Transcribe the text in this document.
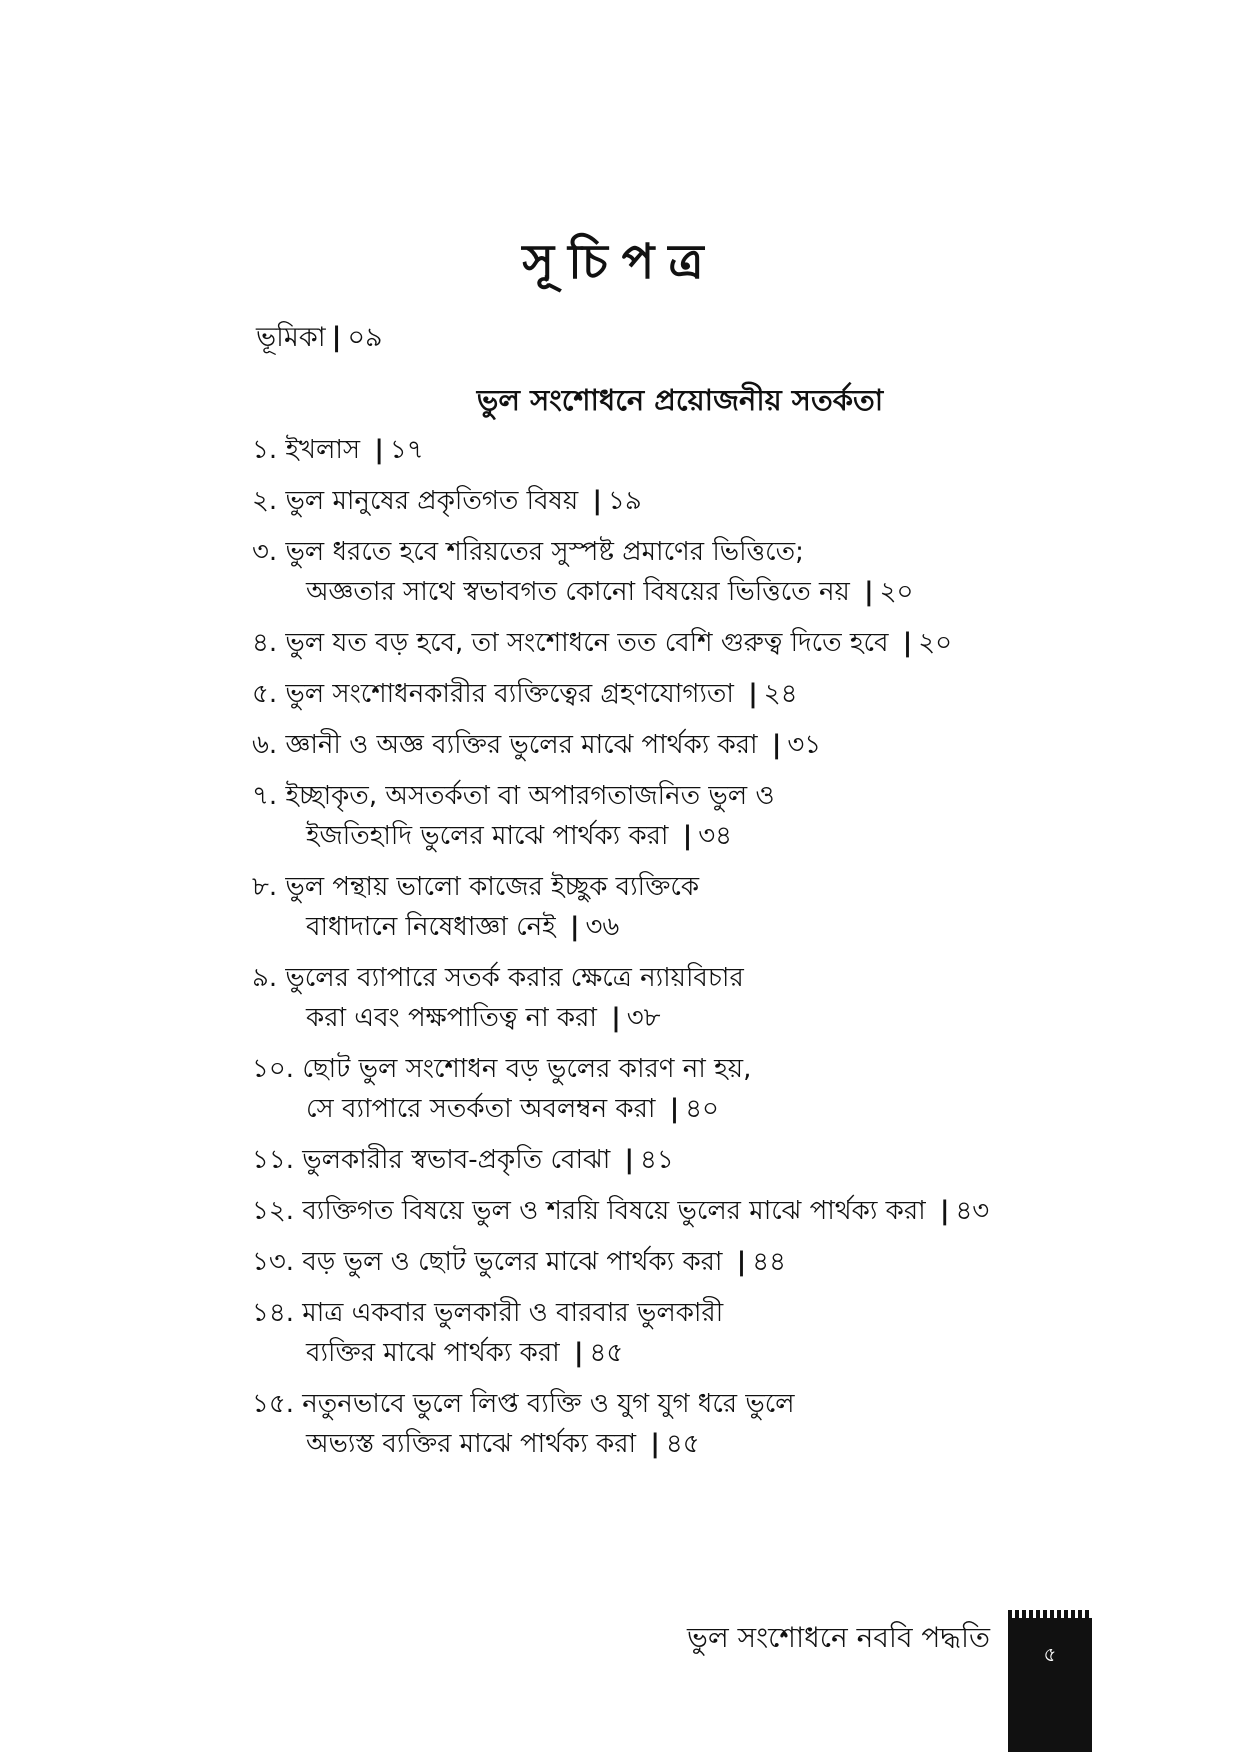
সূচিপত্র
ভূমিকা | ০৯
ভুল সংশোধনে প্রয়োজনীয় সতর্কতা
১. ইখলাস | ১৭
২. ভুল মানুষের প্রকৃতিগত বিষয় | ১৯
৩. ভুল ধরতে হবে শরিয়তের সুস্পষ্ট প্রমাণের ভিত্তিতে;
অজ্ঞতার সাথে স্বভাবগত কোনো বিষয়ের ভিত্তিতে নয় | ২০
৪. ভুল যত বড় হবে, তা সংশোধনে তত বেশি গুরুত্ব দিতে হবে | ২০
৫. ভুল সংশোধনকারীর ব্যক্তিত্বের গ্রহণযোগ্যতা | ২৪
৬. জ্ঞানী ও অজ্ঞ ব্যক্তির ভুলের মাঝে পার্থক্য করা | ৩১
৭. ইচ্ছাকৃত, অসতর্কতা বা অপারগতাজনিত ভুল ও
ইজতিহাদি ভুলের মাঝে পার্থক্য করা | ৩৪
৮. ভুল পন্থায় ভালো কাজের ইচ্ছুক ব্যক্তিকে
বাধাদানে নিষেধাজ্ঞা নেই | ৩৬
৯. ভুলের ব্যাপারে সতর্ক করার ক্ষেত্রে ন্যায়বিচার
করা এবং পক্ষপাতিত্ব না করা | ৩৮
১০. ছোট ভুল সংশোধন বড় ভুলের কারণ না হয়,
সে ব্যাপারে সতর্কতা অবলম্বন করা | ৪০
১১. ভুলকারীর স্বভাব-প্রকৃতি বোঝা | ৪১
১২. ব্যক্তিগত বিষয়ে ভুল ও শরয়ি বিষয়ে ভুলের মাঝে পার্থক্য করা | ৪৩
১৩. বড় ভুল ও ছোট ভুলের মাঝে পার্থক্য করা | ৪৪
১৪. মাত্র একবার ভুলকারী ও বারবার ভুলকারী
ব্যক্তির মাঝে পার্থক্য করা | ৪৫
১৫. নতুনভাবে ভুলে লিপ্ত ব্যক্তি ও যুগ যুগ ধরে ভুলে
অভ্যস্ত ব্যক্তির মাঝে পার্থক্য করা | ৪৫
ভুল সংশোধনে নববি পদ্ধতি	৫
